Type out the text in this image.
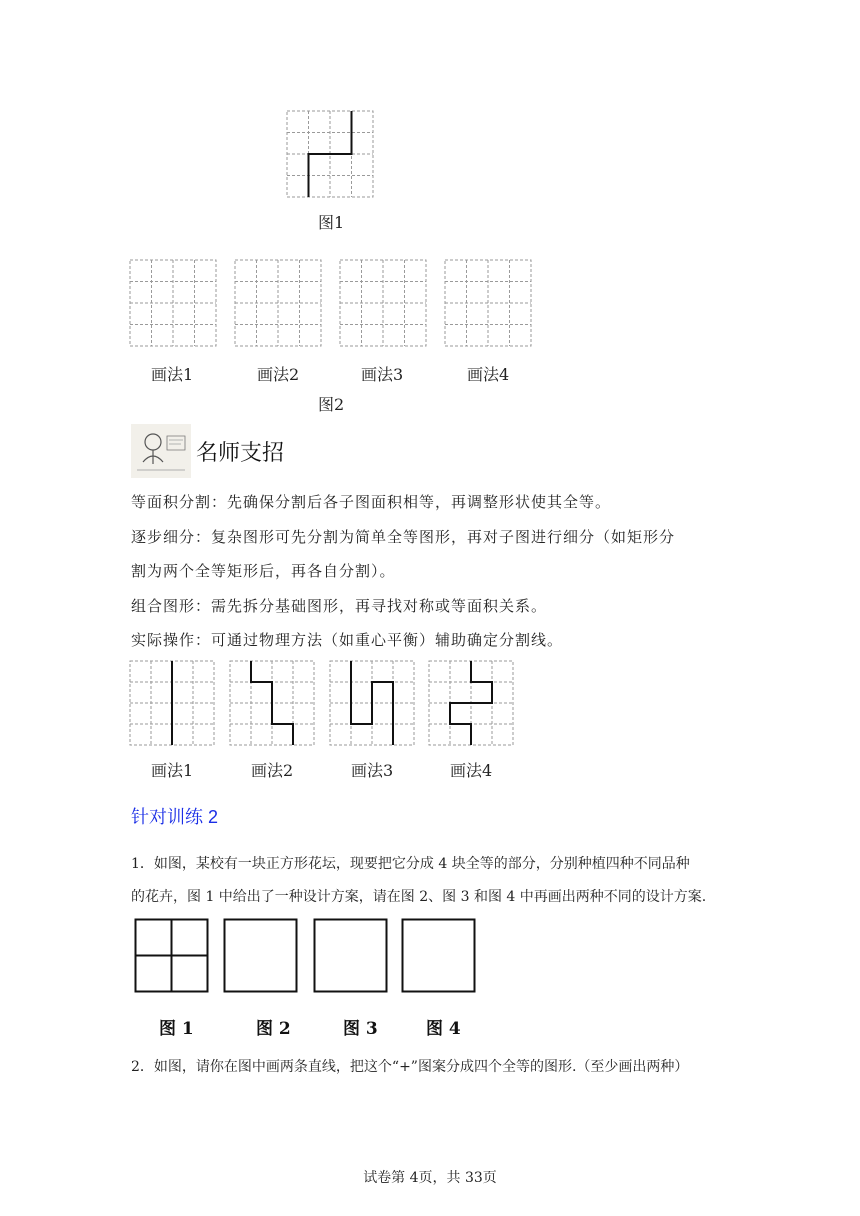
图1
画法1	画法2	画法3	画法4
图2
名师支招
等面积分割：先确保分割后各子图面积相等，再调整形状使其全等。
逐步细分：复杂图形可先分割为简单全等图形，再对子图进行细分（如矩形分
割为两个全等矩形后，再各自分割）。
组合图形：需先拆分基础图形，再寻找对称或等面积关系。
实际操作：可通过物理方法（如重心平衡）辅助确定分割线。
画法1	画法2	画法3	画法4
针对训练 2
1．如图，某校有一块正方形花坛，现要把它分成 4 块全等的部分，分别种植四种不同品种
的花卉，图 1 中给出了一种设计方案，请在图 2、图 3 和图 4 中再画出两种不同的设计方案.
图 1	图 2	图 3	图 4
2．如图，请你在图中画两条直线，把这个“+”图案分成四个全等的图形.（至少画出两种）
试卷第 4页，共 33页
